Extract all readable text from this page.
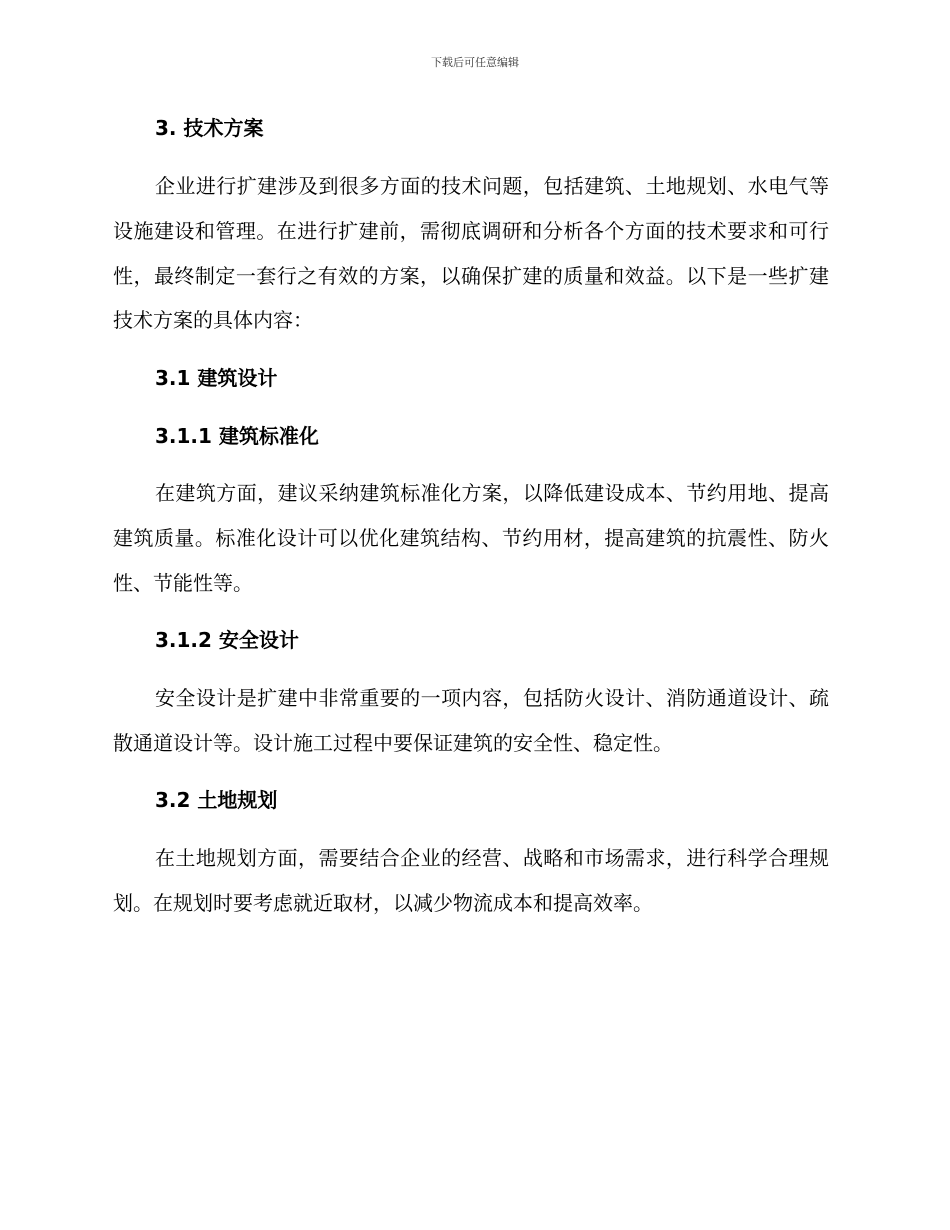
下载后可任意编辑
3. 技术方案

企业进行扩建涉及到很多方面的技术问题，包括建筑、土地规划、水电气等设施建设和管理。在进行扩建前，需彻底调研和分析各个方面的技术要求和可行性，最终制定一套行之有效的方案，以确保扩建的质量和效益。以下是一些扩建技术方案的具体内容：

3.1 建筑设计
3.1.1 建筑标准化

在建筑方面，建议采纳建筑标准化方案，以降低建设成本、节约用地、提高建筑质量。标准化设计可以优化建筑结构、节约用材，提高建筑的抗震性、防火性、节能性等。

3.1.2 安全设计

安全设计是扩建中非常重要的一项内容，包括防火设计、消防通道设计、疏散通道设计等。设计施工过程中要保证建筑的安全性、稳定性。

3.2 土地规划

在土地规划方面，需要结合企业的经营、战略和市场需求，进行科学合理规划。在规划时要考虑就近取材，以减少物流成本和提高效率。
